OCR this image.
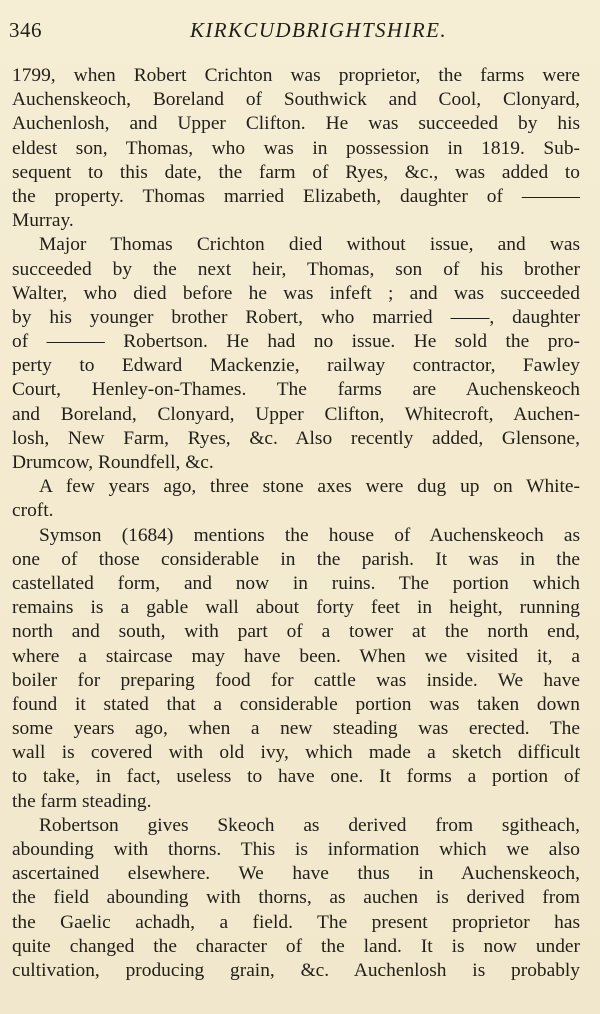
346	KIRKCUDBRIGHTSHIRE.
1799, when Robert Crichton was proprietor, the farms were
Auchenskeoch, Boreland of Southwick and Cool, Clonyard,
Auchenlosh, and Upper Clifton. He was succeeded by his
eldest son, Thomas, who was in possession in 1819. Sub-
sequent to this date, the farm of Ryes, &c., was added to
the property. Thomas married Elizabeth, daughter of ———
Murray.
Major Thomas Crichton died without issue, and was
succeeded by the next heir, Thomas, son of his brother
Walter, who died before he was infeft ; and was succeeded
by his younger brother Robert, who married ——, daughter
of ——— Robertson. He had no issue. He sold the pro-
perty to Edward Mackenzie, railway contractor, Fawley
Court, Henley-on-Thames. The farms are Auchenskeoch
and Boreland, Clonyard, Upper Clifton, Whitecroft, Auchen-
losh, New Farm, Ryes, &c. Also recently added, Glensone,
Drumcow, Roundfell, &c.
A few years ago, three stone axes were dug up on White-
croft.
Symson (1684) mentions the house of Auchenskeoch as
one of those considerable in the parish. It was in the
castellated form, and now in ruins. The portion which
remains is a gable wall about forty feet in height, running
north and south, with part of a tower at the north end,
where a staircase may have been. When we visited it, a
boiler for preparing food for cattle was inside. We have
found it stated that a considerable portion was taken down
some years ago, when a new steading was erected. The
wall is covered with old ivy, which made a sketch difficult
to take, in fact, useless to have one. It forms a portion of
the farm steading.
Robertson gives Skeoch as derived from sgitheach,
abounding with thorns. This is information which we also
ascertained elsewhere. We have thus in Auchenskeoch,
the field abounding with thorns, as auchen is derived from
the Gaelic achadh, a field. The present proprietor has
quite changed the character of the land. It is now under
cultivation, producing grain, &c. Auchenlosh is probably
